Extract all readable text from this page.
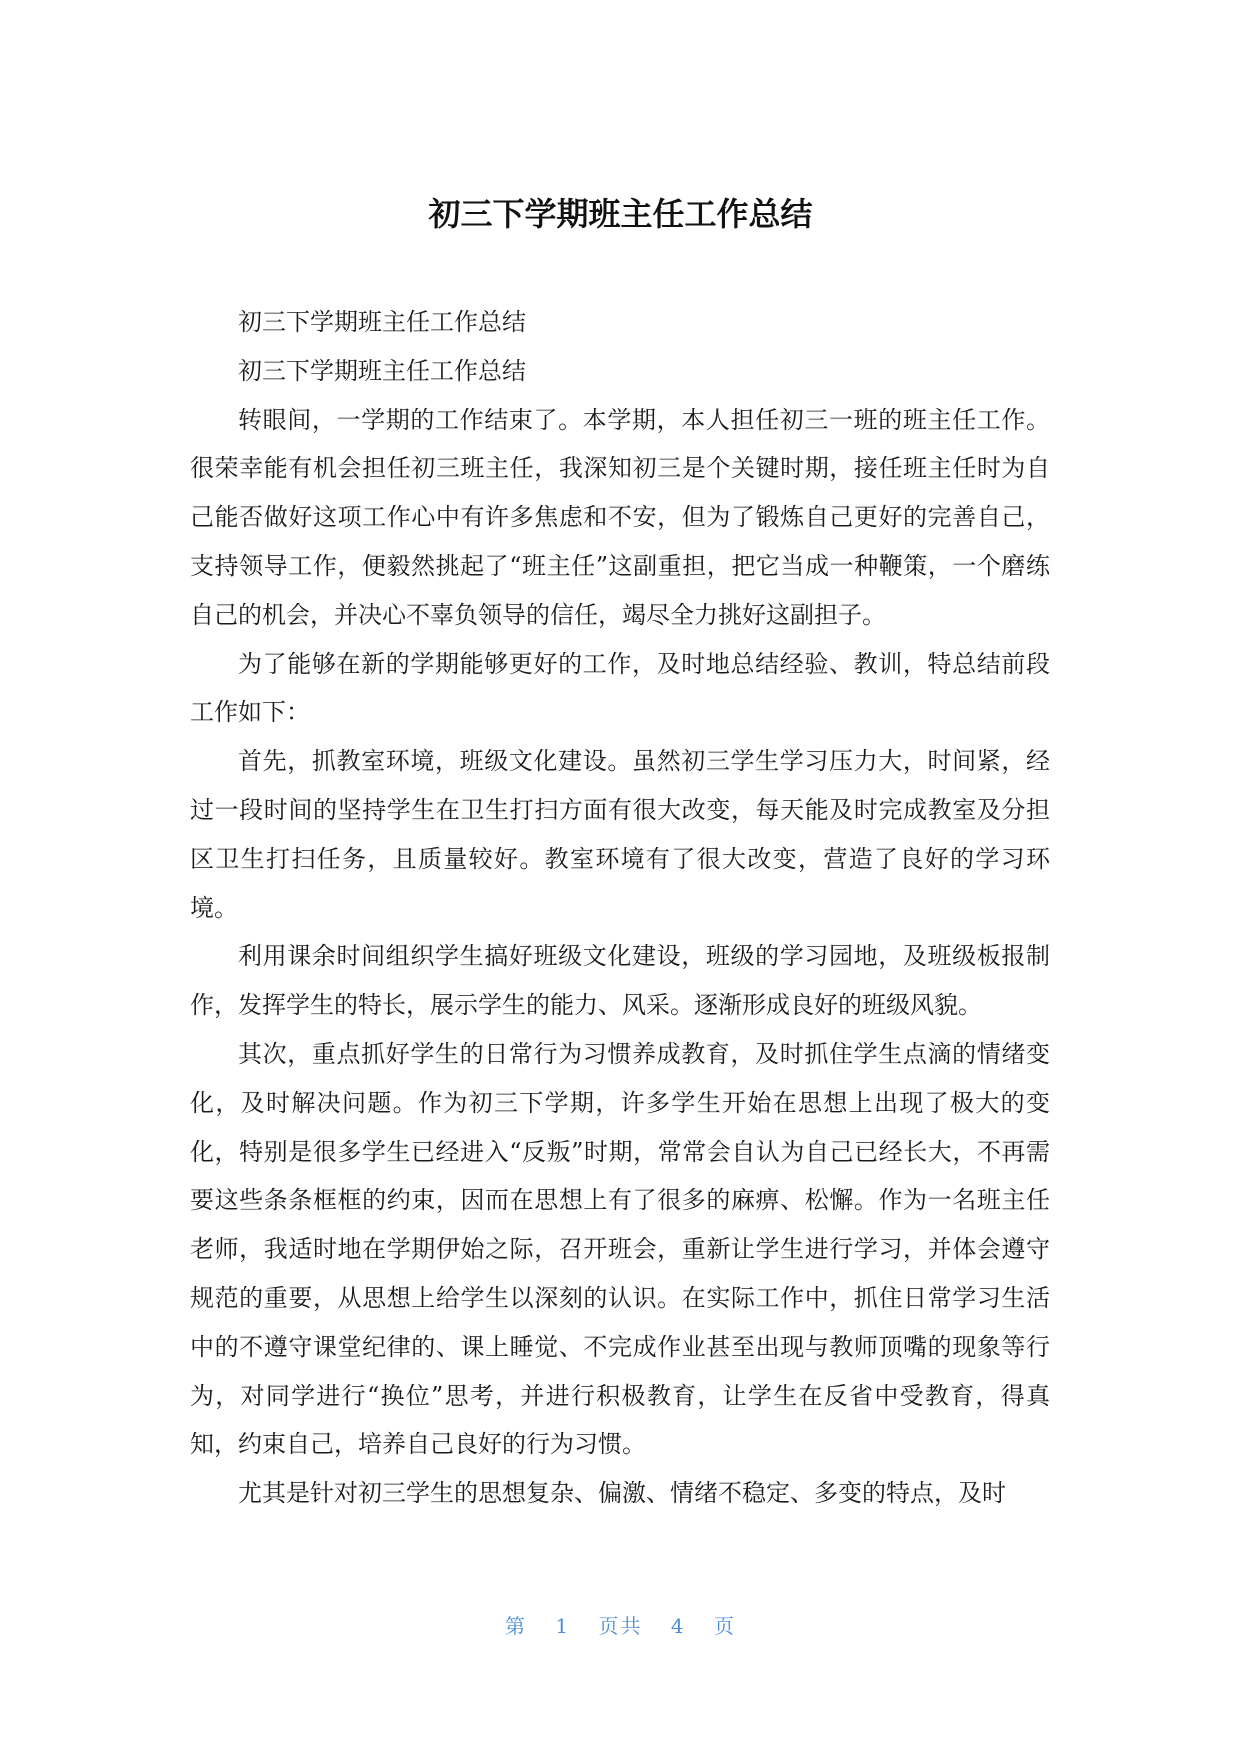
初三下学期班主任工作总结

初三下学期班主任工作总结

初三下学期班主任工作总结

转眼间，一学期的工作结束了。本学期，本人担任初三一班的班主任工作。很荣幸能有机会担任初三班主任，我深知初三是个关键时期，接任班主任时为自己能否做好这项工作心中有许多焦虑和不安，但为了锻炼自己更好的完善自己，支持领导工作，便毅然挑起了“班主任”这副重担，把它当成一种鞭策，一个磨练自己的机会，并决心不辜负领导的信任，竭尽全力挑好这副担子。

为了能够在新的学期能够更好的工作，及时地总结经验、教训，特总结前段工作如下：

首先，抓教室环境，班级文化建设。虽然初三学生学习压力大，时间紧，经过一段时间的坚持学生在卫生打扫方面有很大改变，每天能及时完成教室及分担区卫生打扫任务，且质量较好。教室环境有了很大改变，营造了良好的学习环境。

利用课余时间组织学生搞好班级文化建设，班级的学习园地，及班级板报制作，发挥学生的特长，展示学生的能力、风采。逐渐形成良好的班级风貌。

其次，重点抓好学生的日常行为习惯养成教育，及时抓住学生点滴的情绪变化，及时解决问题。作为初三下学期，许多学生开始在思想上出现了极大的变化，特别是很多学生已经进入“反叛”时期，常常会自认为自己已经长大，不再需要这些条条框框的约束，因而在思想上有了很多的麻痹、松懈。作为一名班主任老师，我适时地在学期伊始之际，召开班会，重新让学生进行学习，并体会遵守规范的重要，从思想上给学生以深刻的认识。在实际工作中，抓住日常学习生活中的不遵守课堂纪律的、课上睡觉、不完成作业甚至出现与教师顶嘴的现象等行为，对同学进行“换位”思考，并进行积极教育，让学生在反省中受教育，得真知，约束自己，培养自己良好的行为习惯。

尤其是针对初三学生的思想复杂、偏激、情绪不稳定、多变的特点，及时

第 1 页共 4 页
